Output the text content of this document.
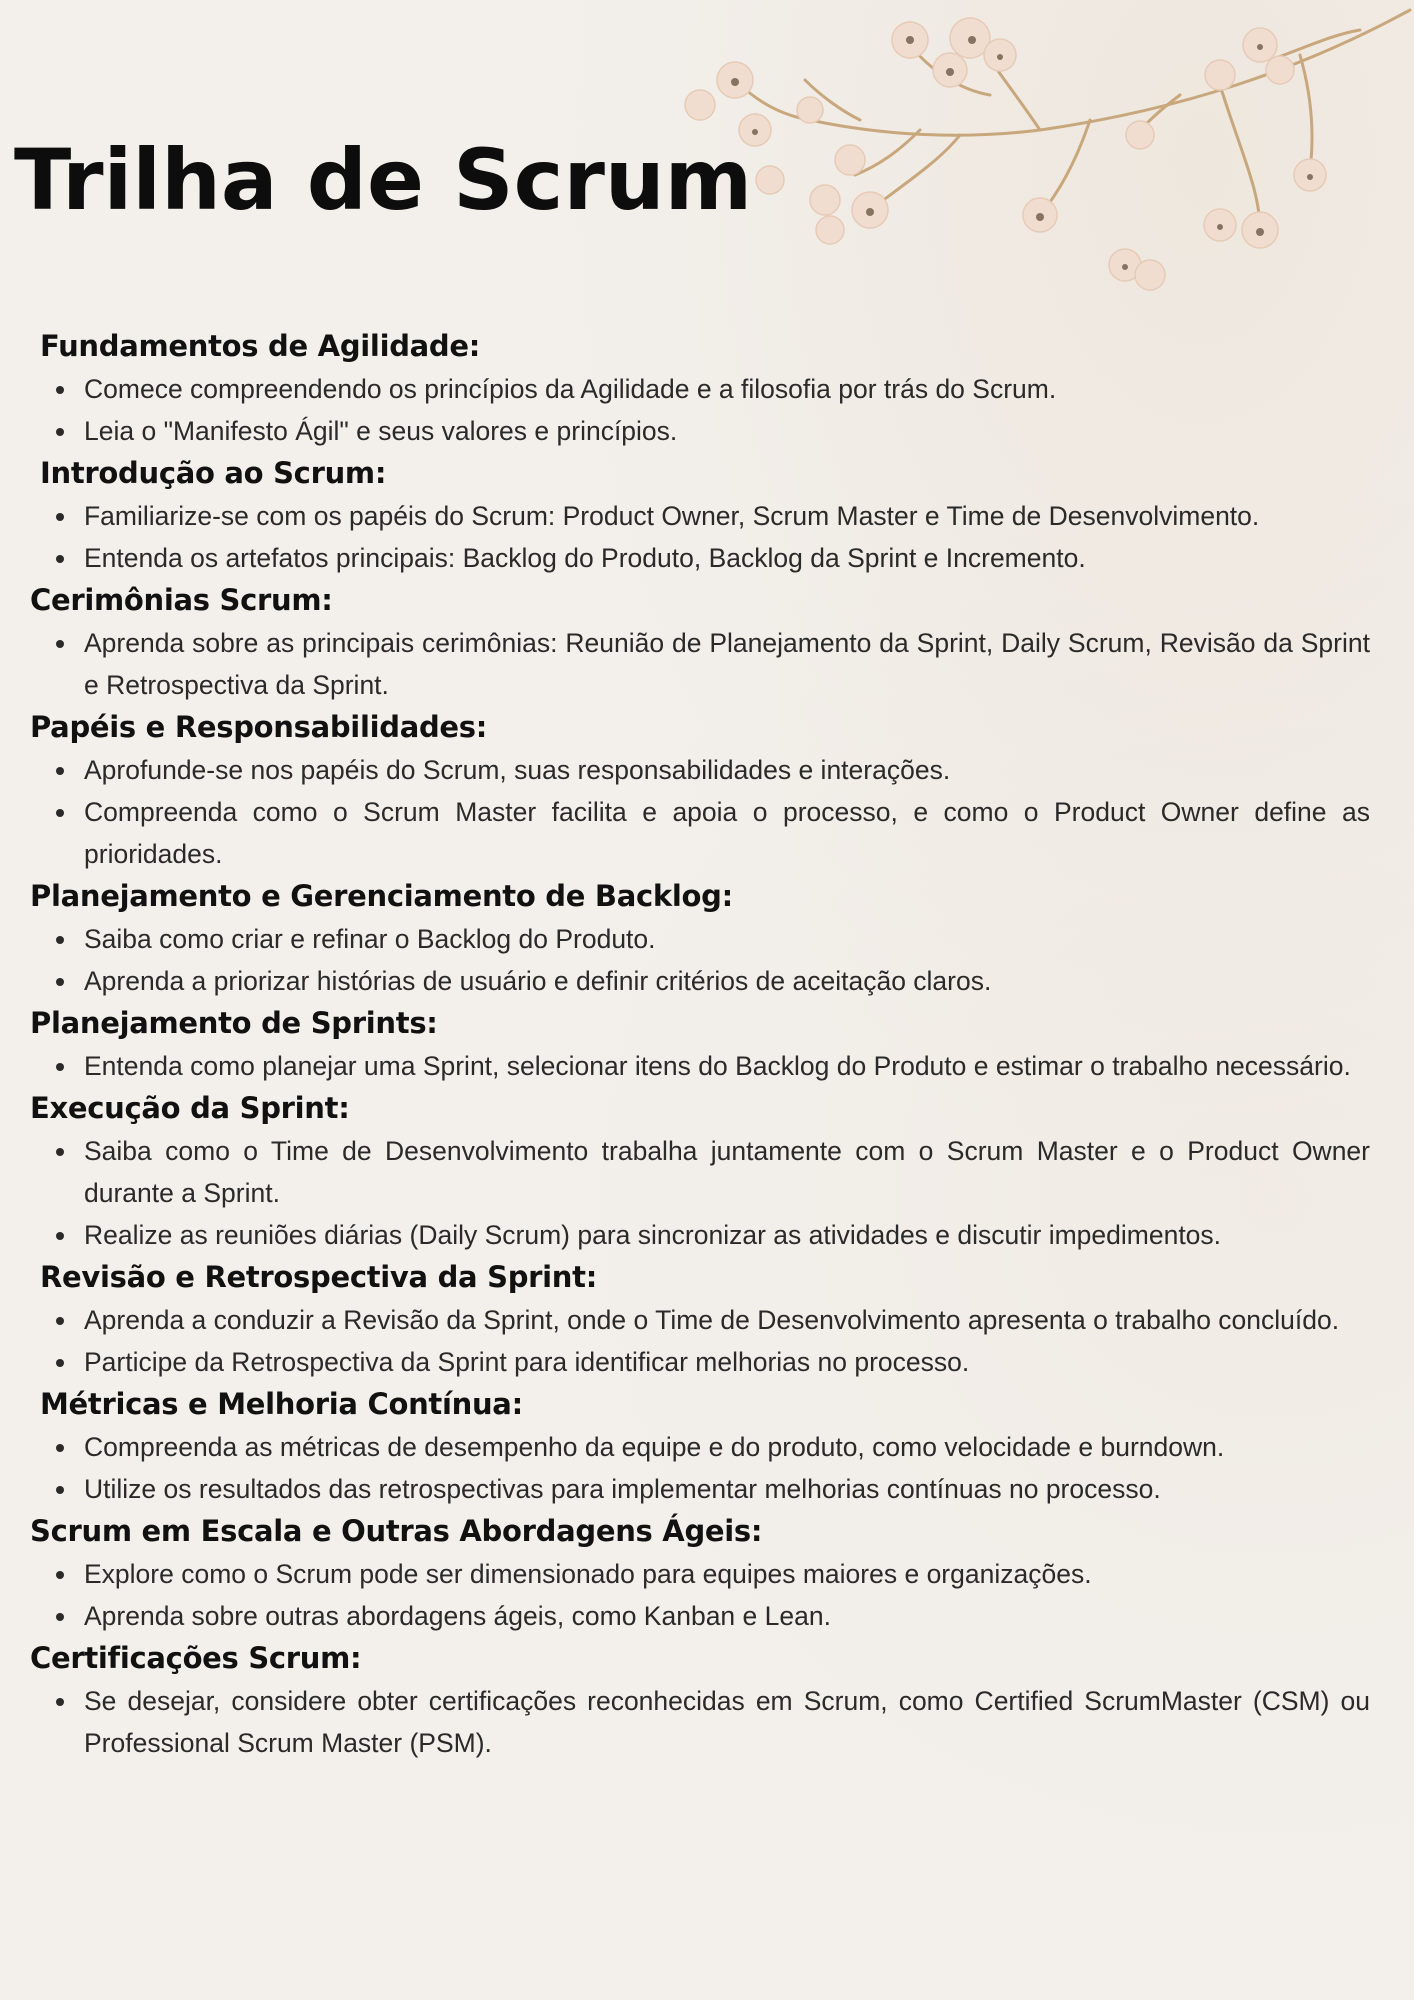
Trilha de Scrum
Fundamentos de Agilidade:
Comece compreendendo os princípios da Agilidade e a filosofia por trás do Scrum.
Leia o "Manifesto Ágil" e seus valores e princípios.
Introdução ao Scrum:
Familiarize-se com os papéis do Scrum: Product Owner, Scrum Master e Time de Desenvolvimento.
Entenda os artefatos principais: Backlog do Produto, Backlog da Sprint e Incremento.
Cerimônias Scrum:
Aprenda sobre as principais cerimônias: Reunião de Planejamento da Sprint, Daily Scrum, Revisão da Sprint e Retrospectiva da Sprint.
Papéis e Responsabilidades:
Aprofunde-se nos papéis do Scrum, suas responsabilidades e interações.
Compreenda como o Scrum Master facilita e apoia o processo, e como o Product Owner define as prioridades.
Planejamento e Gerenciamento de Backlog:
Saiba como criar e refinar o Backlog do Produto.
Aprenda a priorizar histórias de usuário e definir critérios de aceitação claros.
Planejamento de Sprints:
Entenda como planejar uma Sprint, selecionar itens do Backlog do Produto e estimar o trabalho necessário.
Execução da Sprint:
Saiba como o Time de Desenvolvimento trabalha juntamente com o Scrum Master e o Product Owner durante a Sprint.
Realize as reuniões diárias (Daily Scrum) para sincronizar as atividades e discutir impedimentos.
Revisão e Retrospectiva da Sprint:
Aprenda a conduzir a Revisão da Sprint, onde o Time de Desenvolvimento apresenta o trabalho concluído.
Participe da Retrospectiva da Sprint para identificar melhorias no processo.
Métricas e Melhoria Contínua:
Compreenda as métricas de desempenho da equipe e do produto, como velocidade e burndown.
Utilize os resultados das retrospectivas para implementar melhorias contínuas no processo.
Scrum em Escala e Outras Abordagens Ágeis:
Explore como o Scrum pode ser dimensionado para equipes maiores e organizações.
Aprenda sobre outras abordagens ágeis, como Kanban e Lean.
Certificações Scrum:
Se desejar, considere obter certificações reconhecidas em Scrum, como Certified ScrumMaster (CSM) ou Professional Scrum Master (PSM).
